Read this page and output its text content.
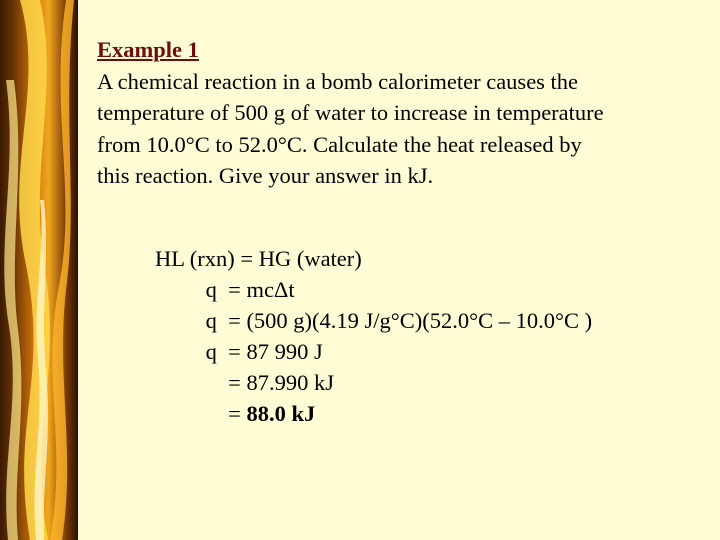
Example 1
A chemical reaction in a bomb calorimeter causes the
temperature of 500 g of water to increase in temperature
from 10.0°C to 52.0°C. Calculate the heat released by
this reaction. Give your answer in kJ.
HL (rxn) = HG (water)
q  = mcΔt
q  = (500 g)(4.19 J/g°C)(52.0°C – 10.0°C )
q  = 87 990 J
= 87.990 kJ
= 88.0 kJ
